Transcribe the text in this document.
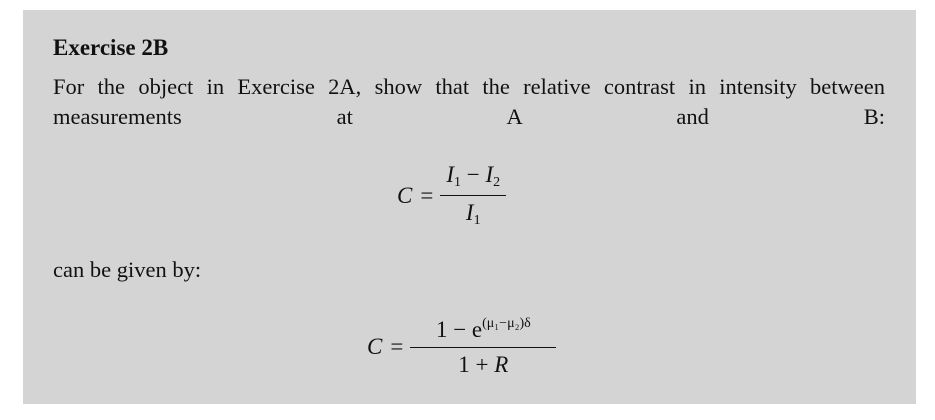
Exercise 2B
For the object in Exercise 2A, show that the relative contrast in intensity between measurements at A and B:
$C = \frac{I_1 - I_2}{I_1}$
can be given by:
$C = \frac{1 - e^{(\mu_1-\mu_2)\delta}}{1 + R}$
